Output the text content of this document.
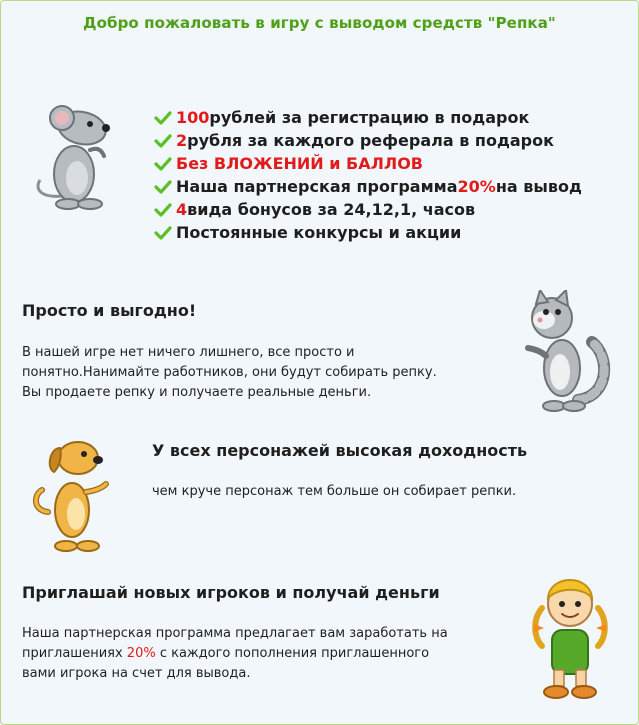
Добро пожаловать в игру с выводом средств "Репка"
100 рублей за регистрацию в подарок
2 рубля за каждого реферала в подарок
Без ВЛОЖЕНИЙ и БАЛЛОВ
Наша партнерская программа 20% на вывод
4 вида бонусов за 24,12,1, часов
Постоянные конкурсы и акции
Просто и выгодно!
В нашей игре нет ничего лишнего, все просто и
понятно.Нанимайте работников, они будут собирать репку.
Вы продаете репку и получаете реальные деньги.
У всех персонажей высокая доходность
чем круче персонаж тем больше он собирает репки.
Приглашай новых игроков и получай деньги
Наша партнерская программа предлагает вам заработать на
приглашениях 20% с каждого пополнения приглашенного
вами игрока на счет для вывода.
